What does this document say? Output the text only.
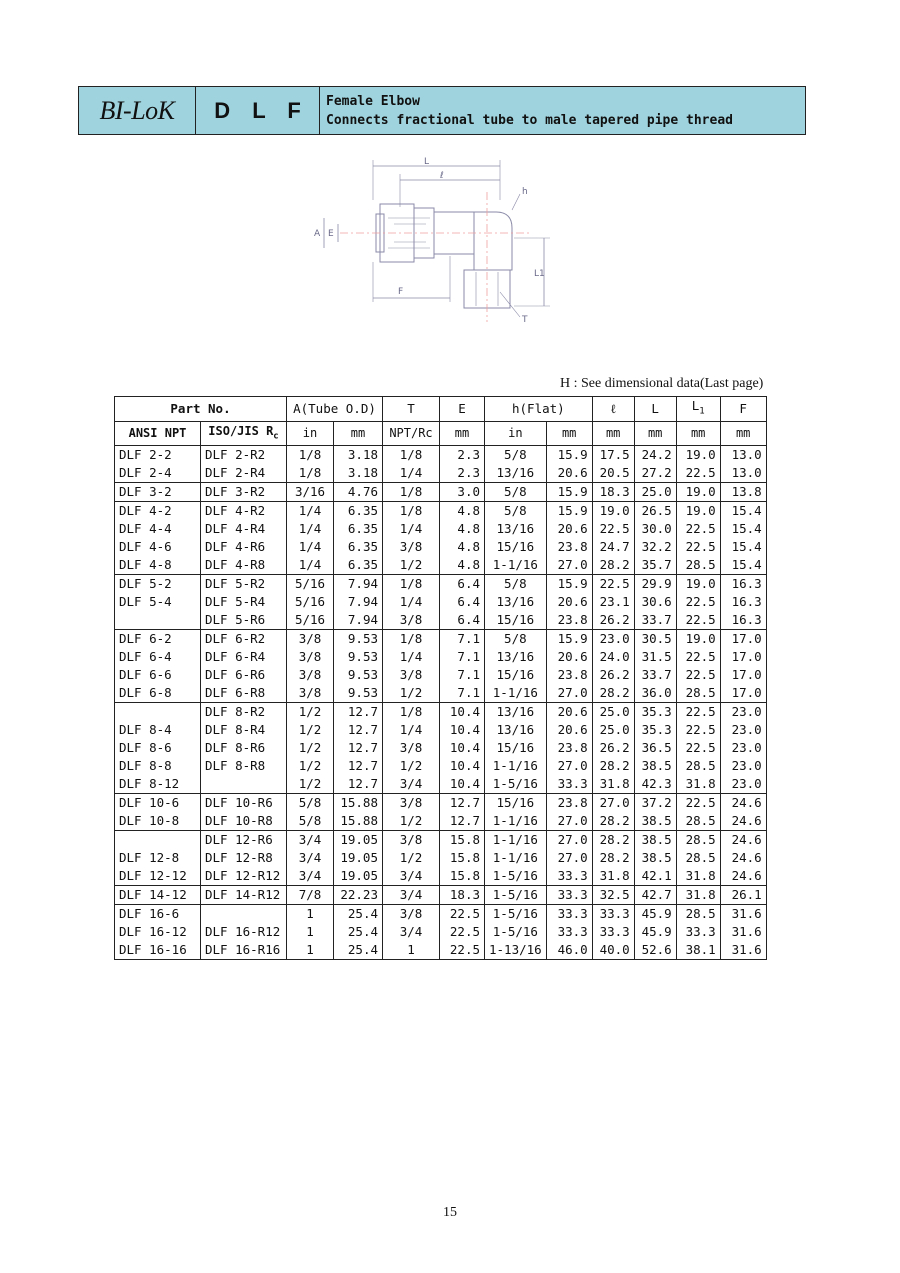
BI-LoK	D L F	Female Elbow
Connects fractional tube to male tapered pipe thread
L
ℓ
h
A E
L1
F
T
H : See dimensional data(Last page)
Part No.		A(Tube O.D)		T	E	h(Flat)		ℓ	L	$L_1$	F
ANSI NPT	ISO/JIS $R_c$	in	mm	NPT/Rc	mm	in	mm	mm	mm	mm	mm
DLF 2-2	DLF 2-R2	1/8	3.18	1/8	2.3	5/8	15.9	17.5	24.2	19.0	13.0
DLF 2-4	DLF 2-R4	1/8	3.18	1/4	2.3	13/16	20.6	20.5	27.2	22.5	13.0
DLF 3-2	DLF 3-R2	3/16	4.76	1/8	3.0	5/8	15.9	18.3	25.0	19.0	13.8
DLF 4-2	DLF 4-R2	1/4	6.35	1/8	4.8	5/8	15.9	19.0	26.5	19.0	15.4
DLF 4-4	DLF 4-R4	1/4	6.35	1/4	4.8	13/16	20.6	22.5	30.0	22.5	15.4
DLF 4-6	DLF 4-R6	1/4	6.35	3/8	4.8	15/16	23.8	24.7	32.2	22.5	15.4
DLF 4-8	DLF 4-R8	1/4	6.35	1/2	4.8	1-1/16	27.0	28.2	35.7	28.5	15.4
DLF 5-2	DLF 5-R2	5/16	7.94	1/8	6.4	5/8	15.9	22.5	29.9	19.0	16.3
DLF 5-4	DLF 5-R4	5/16	7.94	1/4	6.4	13/16	20.6	23.1	30.6	22.5	16.3
	DLF 5-R6	5/16	7.94	3/8	6.4	15/16	23.8	26.2	33.7	22.5	16.3
DLF 6-2	DLF 6-R2	3/8	9.53	1/8	7.1	5/8	15.9	23.0	30.5	19.0	17.0
DLF 6-4	DLF 6-R4	3/8	9.53	1/4	7.1	13/16	20.6	24.0	31.5	22.5	17.0
DLF 6-6	DLF 6-R6	3/8	9.53	3/8	7.1	15/16	23.8	26.2	33.7	22.5	17.0
DLF 6-8	DLF 6-R8	3/8	9.53	1/2	7.1	1-1/16	27.0	28.2	36.0	28.5	17.0
	DLF 8-R2	1/2	12.7	1/8	10.4	13/16	20.6	25.0	35.3	22.5	23.0
DLF 8-4	DLF 8-R4	1/2	12.7	1/4	10.4	13/16	20.6	25.0	35.3	22.5	23.0
DLF 8-6	DLF 8-R6	1/2	12.7	3/8	10.4	15/16	23.8	26.2	36.5	22.5	23.0
DLF 8-8	DLF 8-R8	1/2	12.7	1/2	10.4	1-1/16	27.0	28.2	38.5	28.5	23.0
DLF 8-12		1/2	12.7	3/4	10.4	1-5/16	33.3	31.8	42.3	31.8	23.0
DLF 10-6	DLF 10-R6	5/8	15.88	3/8	12.7	15/16	23.8	27.0	37.2	22.5	24.6
DLF 10-8	DLF 10-R8	5/8	15.88	1/2	12.7	1-1/16	27.0	28.2	38.5	28.5	24.6
	DLF 12-R6	3/4	19.05	3/8	15.8	1-1/16	27.0	28.2	38.5	28.5	24.6
DLF 12-8	DLF 12-R8	3/4	19.05	1/2	15.8	1-1/16	27.0	28.2	38.5	28.5	24.6
DLF 12-12	DLF 12-R12	3/4	19.05	3/4	15.8	1-5/16	33.3	31.8	42.1	31.8	24.6
DLF 14-12	DLF 14-R12	7/8	22.23	3/4	18.3	1-5/16	33.3	32.5	42.7	31.8	26.1
DLF 16-6		1	25.4	3/8	22.5	1-5/16	33.3	33.3	45.9	28.5	31.6
DLF 16-12	DLF 16-R12	1	25.4	3/4	22.5	1-5/16	33.3	33.3	45.9	33.3	31.6
DLF 16-16	DLF 16-R16	1	25.4	1	22.5	1-13/16	46.0	40.0	52.6	38.1	31.6
15
